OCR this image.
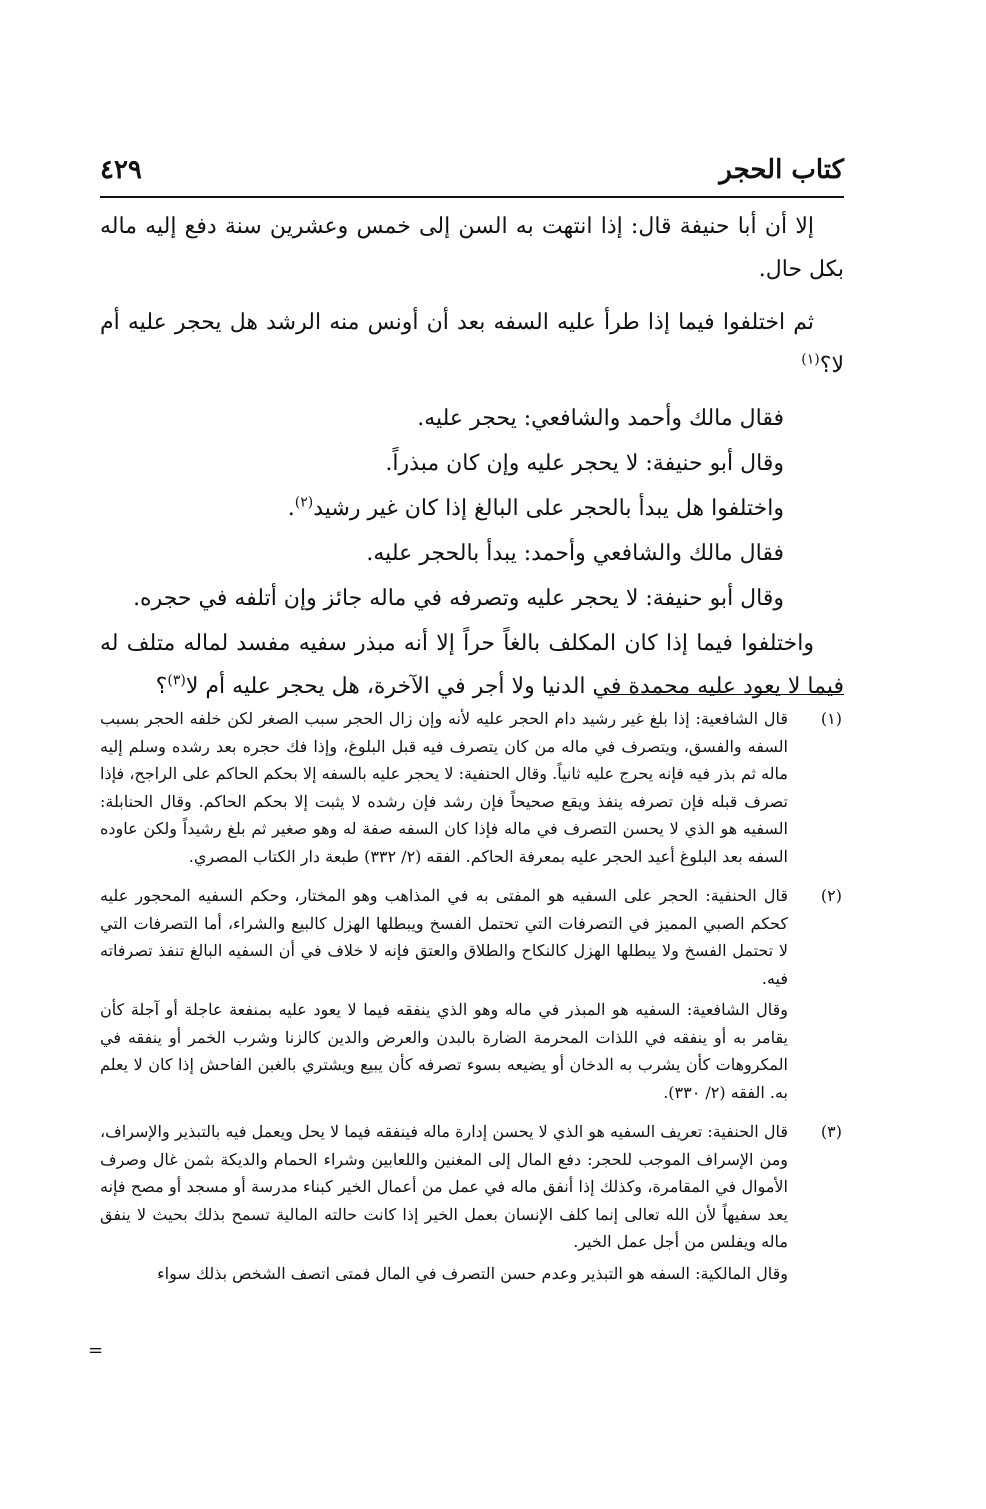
كتاب الحجر
٤٢٩

إلا أن أبا حنيفة قال: إذا انتهت به السن إلى خمس وعشرين سنة دفع إليه ماله بكل حال.

ثم اختلفوا فيما إذا طرأ عليه السفه بعد أن أونس منه الرشد هل يحجر عليه أم لا؟$^{(١)}$

فقال مالك وأحمد والشافعي: يحجر عليه.

وقال أبو حنيفة: لا يحجر عليه وإن كان مبذراً.

واختلفوا هل يبدأ بالحجر على البالغ إذا كان غير رشيد$^{(٢)}$.

فقال مالك والشافعي وأحمد: يبدأ بالحجر عليه.

وقال أبو حنيفة: لا يحجر عليه وتصرفه في ماله جائز وإن أتلفه في حجره.

واختلفوا فيما إذا كان المكلف بالغاً حراً إلا أنه مبذر سفيه مفسد لماله متلف له فيما لا يعود عليه محمدة في الدنيا ولا أجر في الآخرة، هل يحجر عليه أم لا$^{(٣)}$؟

(١)

قال الشافعية: إذا بلغ غير رشيد دام الحجر عليه لأنه وإن زال الحجر سبب الصغر لكن خلفه الحجر بسبب السفه والفسق، ويتصرف في ماله من كان يتصرف فيه قبل البلوغ، وإذا فك حجره بعد رشده وسلم إليه ماله ثم بذر فيه فإنه يحرج عليه ثانياً. وقال الحنفية: لا يحجر عليه بالسفه إلا بحكم الحاكم على الراجح، فإذا تصرف قبله فإن تصرفه ينفذ ويقع صحيحاً فإن رشد فإن رشده لا يثبت إلا بحكم الحاكم. وقال الحنابلة: السفيه هو الذي لا يحسن التصرف في ماله فإذا كان السفه صفة له وهو صغير ثم بلغ رشيداً ولكن عاوده السفه بعد البلوغ أعيد الحجر عليه بمعرفة الحاكم. الفقه (٢/ ٣٣٢) طبعة دار الكتاب المصري.

(٢)

قال الحنفية: الحجر على السفيه هو المفتى به في المذاهب وهو المختار، وحكم السفيه المحجور عليه كحكم الصبي المميز في التصرفات التي تحتمل الفسخ ويبطلها الهزل كالبيع والشراء، أما التصرفات التي لا تحتمل الفسخ ولا يبطلها الهزل كالنكاح والطلاق والعتق فإنه لا خلاف في أن السفيه البالغ تنفذ تصرفاته فيه.

وقال الشافعية: السفيه هو المبذر في ماله وهو الذي ينفقه فيما لا يعود عليه بمنفعة عاجلة أو آجلة كأن يقامر به أو ينفقه في اللذات المحرمة الضارة بالبدن والعرض والدين كالزنا وشرب الخمر أو ينفقه في المكروهات كأن يشرب به الدخان أو يضيعه بسوء تصرفه كأن يبيع ويشتري بالغبن الفاحش إذا كان لا يعلم به. الفقه (٢/ ٣٣٠).

(٣)

قال الحنفية: تعريف السفيه هو الذي لا يحسن إدارة ماله فينفقه فيما لا يحل ويعمل فيه بالتبذير والإسراف، ومن الإسراف الموجب للحجر: دفع المال إلى المغنين واللعابين وشراء الحمام والديكة بثمن غال وصرف الأموال في المقامرة، وكذلك إذا أنفق ماله في عمل من أعمال الخير كبناء مدرسة أو مسجد أو مصح فإنه يعد سفيهاً لأن الله تعالى إنما كلف الإنسان بعمل الخير إذا كانت حالته المالية تسمح بذلك بحيث لا ينفق ماله ويفلس من أجل عمل الخير.

وقال المالكية: السفه هو التبذير وعدم حسن التصرف في المال فمتى اتصف الشخص بذلك سواء

=
